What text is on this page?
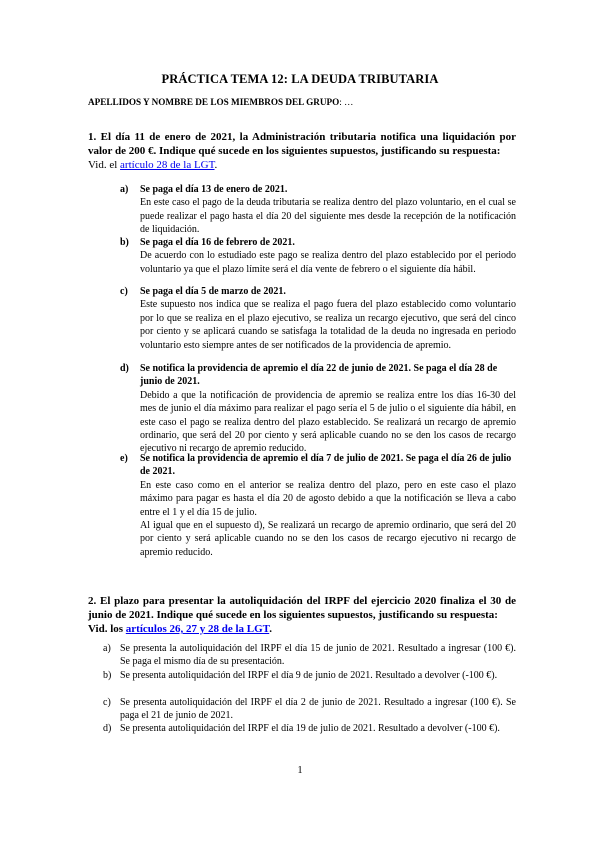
PRÁCTICA TEMA 12: LA DEUDA TRIBUTARIA
APELLIDOS Y NOMBRE DE LOS MIEMBROS DEL GRUPO: …
1. El día 11 de enero de 2021, la Administración tributaria notifica una liquidación por valor de 200 €. Indique qué sucede en los siguientes supuestos, justificando su respuesta:
Vid. el artículo 28 de la LGT.
a) Se paga el día 13 de enero de 2021.
En este caso el pago de la deuda tributaria se realiza dentro del plazo voluntario, en el cual se puede realizar el pago hasta el día 20 del siguiente mes desde la recepción de la notificación de liquidación.
b) Se paga el día 16 de febrero de 2021.
De acuerdo con lo estudiado este pago se realiza dentro del plazo establecido por el periodo voluntario ya que el plazo límite será el día vente de febrero o el siguiente día hábil.
c) Se paga el día 5 de marzo de 2021.
Este supuesto nos indica que se realiza el pago fuera del plazo establecido como voluntario por lo que se realiza en el plazo ejecutivo, se realiza un recargo ejecutivo, que será del cinco por ciento y se aplicará cuando se satisfaga la totalidad de la deuda no ingresada en periodo voluntario esto siempre antes de ser notificados de la providencia de apremio.
d) Se notifica la providencia de apremio el día 22 de junio de 2021. Se paga el día 28 de junio de 2021.
Debido a que la notificación de providencia de apremio se realiza entre los días 16-30 del mes de junio el día máximo para realizar el pago sería el 5 de julio o el siguiente día hábil, en este caso el pago se realiza dentro del plazo establecido. Se realizará un recargo de apremio ordinario, que será del 20 por ciento y será aplicable cuando no se den los casos de recargo ejecutivo ni recargo de apremio reducido.
e) Se notifica la providencia de apremio el día 7 de julio de 2021. Se paga el día 26 de julio de 2021.
En este caso como en el anterior se realiza dentro del plazo, pero en este caso el plazo máximo para pagar es hasta el día 20 de agosto debido a que la notificación se lleva a cabo entre el 1 y el día 15 de julio.
Al igual que en el supuesto d), Se realizará un recargo de apremio ordinario, que será del 20 por ciento y será aplicable cuando no se den los casos de recargo ejecutivo ni recargo de apremio reducido.
2. El plazo para presentar la autoliquidación del IRPF del ejercicio 2020 finaliza el 30 de junio de 2021. Indique qué sucede en los siguientes supuestos, justificando su respuesta:
Vid. los artículos 26, 27 y 28 de la LGT.
a) Se presenta la autoliquidación del IRPF el día 15 de junio de 2021. Resultado a ingresar (100 €). Se paga el mismo día de su presentación.
b) Se presenta autoliquidación del IRPF el día 9 de junio de 2021. Resultado a devolver (-100 €).
c) Se presenta autoliquidación del IRPF el día 2 de junio de 2021. Resultado a ingresar (100 €). Se paga el 21 de junio de 2021.
d) Se presenta autoliquidación del IRPF el día 19 de julio de 2021. Resultado a devolver (-100 €).
1
